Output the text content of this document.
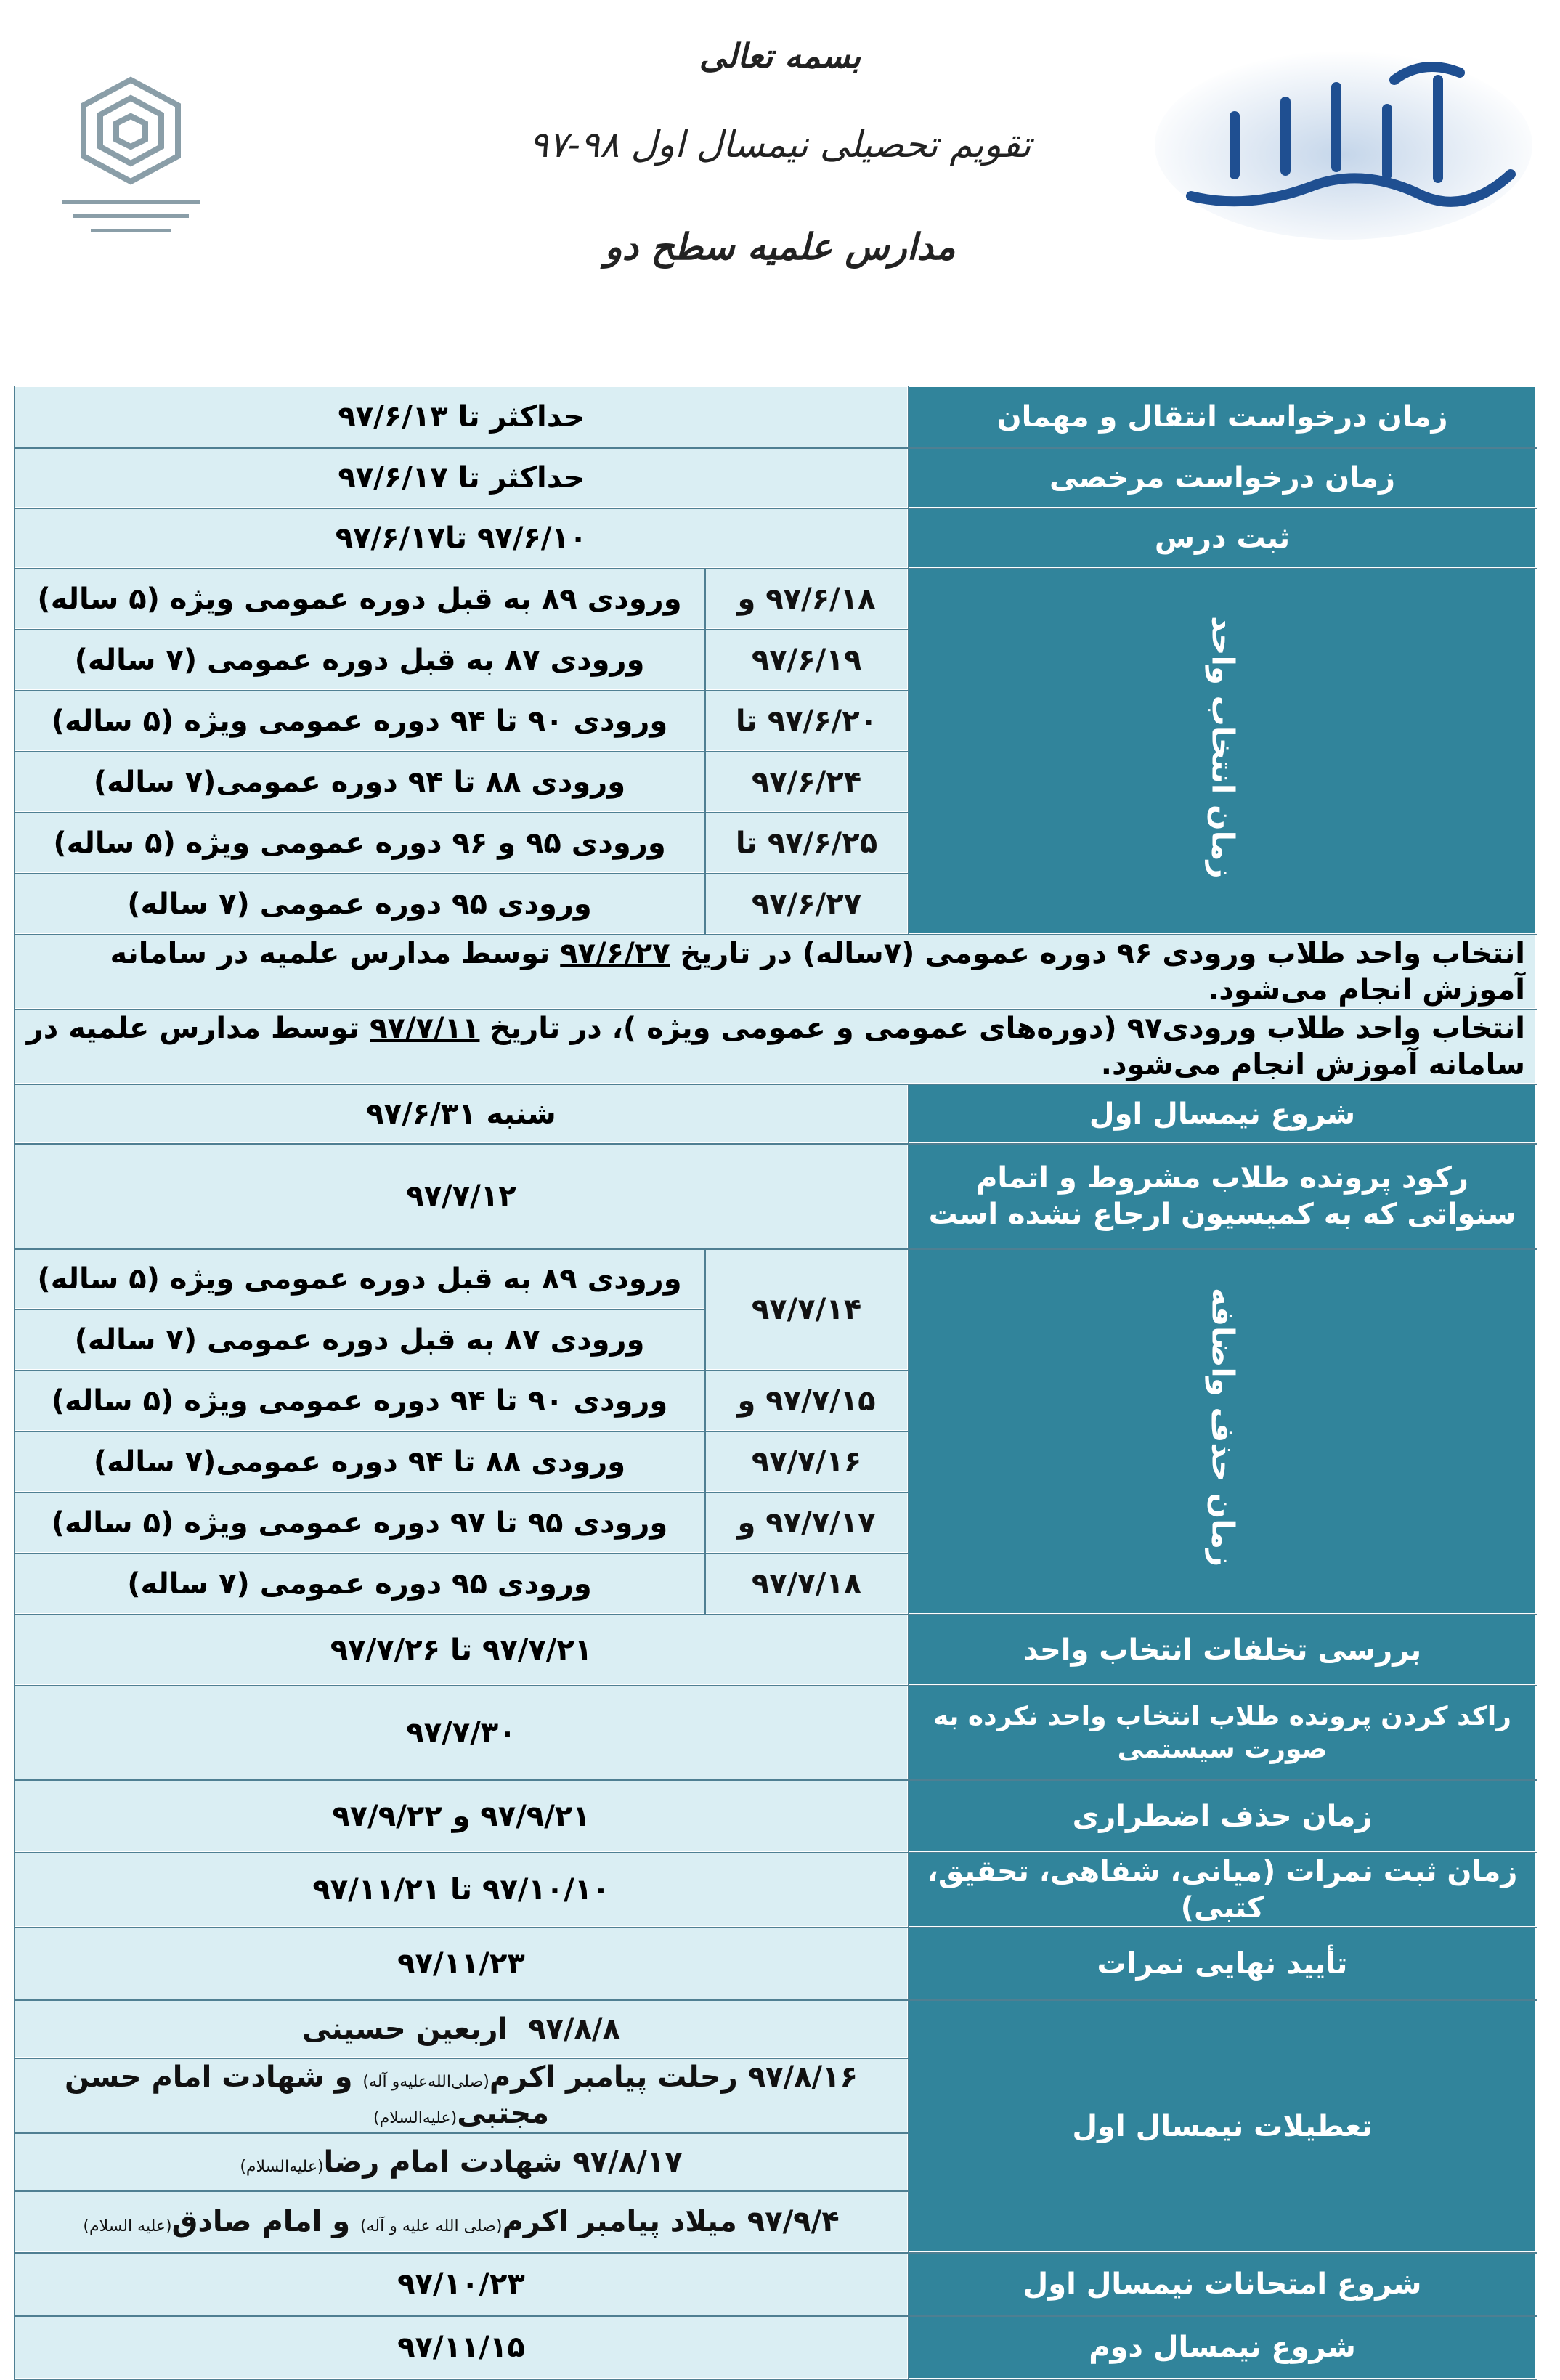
بسمه تعالی
تقویم تحصیلی نیمسال اول ۹۸-۹۷
مدارس علمیه سطح دو
زمان درخواست انتقال و مهمان	حداکثر تا ۹۷/۶/۱۳	
زمان درخواست مرخصی	حداکثر تا ۹۷/۶/۱۷	
ثبت درس	۹۷/۶/۱۰ تا۹۷/۶/۱۷	
زمان انتخاب واحد	۹۷/۶/۱۸ و	ورودی ۸۹ به قبل دوره عمومی ویژه (۵ ساله)
	۹۷/۶/۱۹	ورودی ۸۷ به قبل دوره عمومی (۷ ساله)
	۹۷/۶/۲۰ تا	ورودی ۹۰ تا ۹۴ دوره عمومی ویژه (۵ ساله)
	۹۷/۶/۲۴	ورودی ۸۸ تا ۹۴ دوره عمومی(۷ ساله)
	۹۷/۶/۲۵ تا	ورودی ۹۵ و ۹۶ دوره عمومی ویژه (۵ ساله)
	۹۷/۶/۲۷	ورودی ۹۵ دوره عمومی (۷ ساله)
انتخاب واحد طلاب ورودی ۹۶ دوره عمومی (۷ساله) در تاریخ ۹۷/۶/۲۷ توسط مدارس علمیه در سامانه آموزش انجام می‌شود.		
انتخاب واحد طلاب ورودی۹۷ (دوره‌های عمومی و عمومی ویژه )، در تاریخ ۹۷/۷/۱۱ توسط مدارس علمیه در سامانه آموزش انجام می‌شود.		
شروع نیمسال اول	شنبه ۹۷/۶/۳۱	
رکود پرونده طلاب مشروط و اتمام سنواتی که به کمیسیون ارجاع نشده است	۹۷/۷/۱۲	
زمان حذف واضافه	۹۷/۷/۱۴	ورودی ۸۹ به قبل دوره عمومی ویژه (۵ ساله)
		ورودی ۸۷ به قبل دوره عمومی (۷ ساله)
	۹۷/۷/۱۵ و	ورودی ۹۰ تا ۹۴ دوره عمومی ویژه (۵ ساله)
	۹۷/۷/۱۶	ورودی ۸۸ تا ۹۴ دوره عمومی(۷ ساله)
	۹۷/۷/۱۷ و	ورودی ۹۵ تا ۹۷ دوره عمومی ویژه (۵ ساله)
	۹۷/۷/۱۸	ورودی ۹۵ دوره عمومی (۷ ساله)
بررسی تخلفات انتخاب واحد	۹۷/۷/۲۱ تا ۹۷/۷/۲۶	
راکد کردن پرونده طلاب انتخاب واحد نکرده به صورت سیستمی	۹۷/۷/۳۰	
زمان حذف اضطراری	۹۷/۹/۲۱ و ۹۷/۹/۲۲	
زمان ثبت نمرات (میانی، شفاهی، تحقیق، کتبی)	۹۷/۱۰/۱۰ تا ۹۷/۱۱/۲۱	
تأیید نهایی نمرات	۹۷/۱۱/۲۳	
تعطیلات نیمسال اول	۹۷/۸/۸  اربعین حسینی	
	۹۷/۸/۱۶ رحلت پیامبر اکرم(صلی‌الله‌علیه‌و آله) و شهادت امام حسن مجتبی(علیه‌السلام)	
	۹۷/۸/۱۷ شهادت امام رضا(علیه‌السلام)	
	۹۷/۹/۴ میلاد پیامبر اکرم(صلی الله علیه و آله) و امام صادق(علیه السلام)	
شروع امتحانات نیمسال اول	۹۷/۱۰/۲۳	
شروع نیمسال دوم	۹۷/۱۱/۱۵	
